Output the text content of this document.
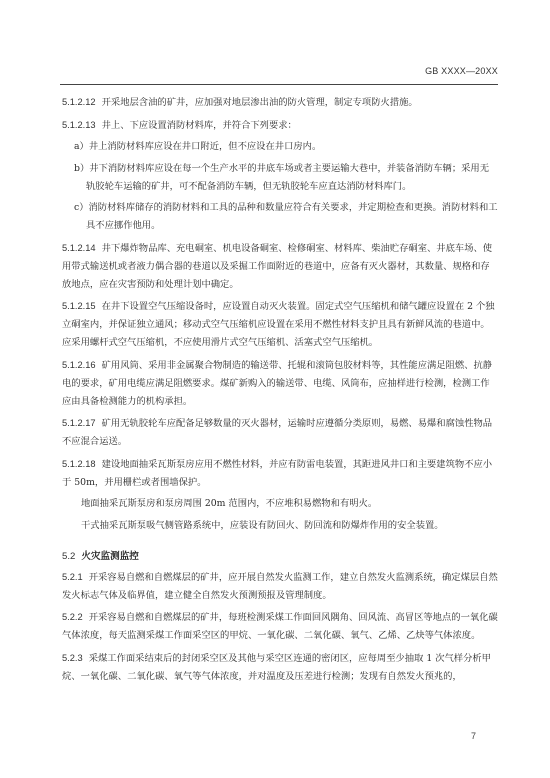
GB XXXX—20XX

5.1.2.12 开采地层含油的矿井，应加强对地层渗出油的防火管理，制定专项防火措施。

5.1.2.13 井上、下应设置消防材料库，并符合下列要求：

a）井上消防材料库应设在井口附近，但不应设在井口房内。

b）井下消防材料库应设在每一个生产水平的井底车场或者主要运输大巷中，并装备消防车辆；采用无轨胶轮车运输的矿井，可不配备消防车辆，但无轨胶轮车应直达消防材料库门。

c）消防材料库储存的消防材料和工具的品种和数量应符合有关要求，并定期检查和更换。消防材料和工具不应挪作他用。

5.1.2.14 井下爆炸物品库、充电硐室、机电设备硐室、检修硐室、材料库、柴油贮存硐室、井底车场、使用带式输送机或者液力偶合器的巷道以及采掘工作面附近的巷道中，应备有灭火器材，其数量、规格和存放地点，应在灾害预防和处理计划中确定。

5.1.2.15 在井下设置空气压缩设备时，应设置自动灭火装置。固定式空气压缩机和储气罐应设置在 2 个独立硐室内，并保证独立通风；移动式空气压缩机应设置在采用不燃性材料支护且具有新鲜风流的巷道中。应采用螺杆式空气压缩机，不应使用滑片式空气压缩机、活塞式空气压缩机。

5.1.2.16 矿用风筒、采用非金属聚合物制造的输送带、托辊和滚筒包胶材料等，其性能应满足阻燃、抗静电的要求，矿用电缆应满足阻燃要求。煤矿新购入的输送带、电缆、风筒布，应抽样进行检测，检测工作应由具备检测能力的机构承担。

5.1.2.17 矿用无轨胶轮车应配备足够数量的灭火器材，运输时应遵循分类原则，易燃、易爆和腐蚀性物品不应混合运送。

5.1.2.18 建设地面抽采瓦斯泵房应用不燃性材料，并应有防雷电装置，其距进风井口和主要建筑物不应小于 50m，并用栅栏或者围墙保护。

地面抽采瓦斯泵房和泵房周围 20m 范围内，不应堆积易燃物和有明火。

干式抽采瓦斯泵吸气侧管路系统中，应装设有防回火、防回流和防爆炸作用的安全装置。

5.2 火灾监测监控

5.2.1 开采容易自燃和自燃煤层的矿井，应开展自然发火监测工作，建立自然发火监测系统，确定煤层自然发火标志气体及临界值，建立健全自然发火预测预报及管理制度。

5.2.2 开采容易自燃和自燃煤层的矿井，每班检测采煤工作面回风隅角、回风流、高冒区等地点的一氧化碳气体浓度，每天监测采煤工作面采空区的甲烷、一氧化碳、二氧化碳、氧气、乙烯、乙炔等气体浓度。

5.2.3 采煤工作面采结束后的封闭采空区及其他与采空区连通的密闭区，应每周至少抽取 1 次气样分析甲烷、一氧化碳、二氧化碳、氧气等气体浓度，并对温度及压差进行检测；发现有自然发火预兆的，

7
